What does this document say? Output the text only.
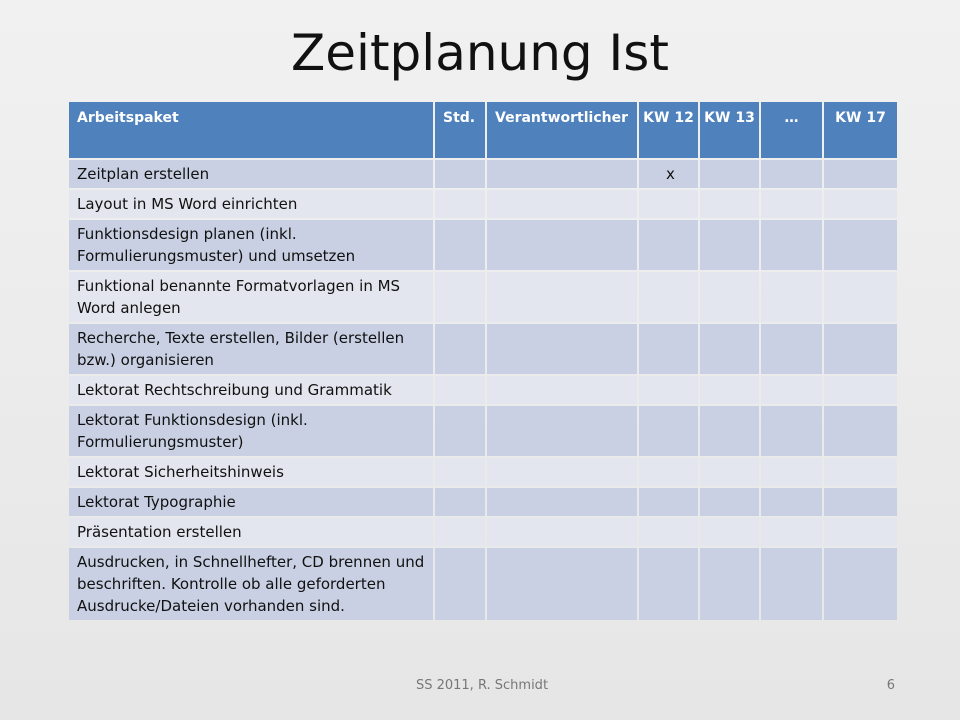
Zeitplanung Ist
Arbeitspaket	Std.	Verantwortlicher	KW 12	KW 13	…	KW 17
Zeitplan erstellen			x			
Layout in MS Word einrichten						
Funktionsdesign planen (inkl. Formulierungsmuster) und umsetzen						
Funktional benannte Formatvorlagen in MS Word anlegen						
Recherche, Texte erstellen, Bilder (erstellen bzw.) organisieren						
Lektorat Rechtschreibung und Grammatik						
Lektorat Funktionsdesign (inkl. Formulierungsmuster)						
Lektorat Sicherheitshinweis						
Lektorat Typographie						
Präsentation erstellen						
Ausdrucken, in Schnellhefter, CD brennen und beschriften. Kontrolle ob alle geforderten Ausdrucke/Dateien vorhanden sind.						
SS 2011, R. Schmidt	6
